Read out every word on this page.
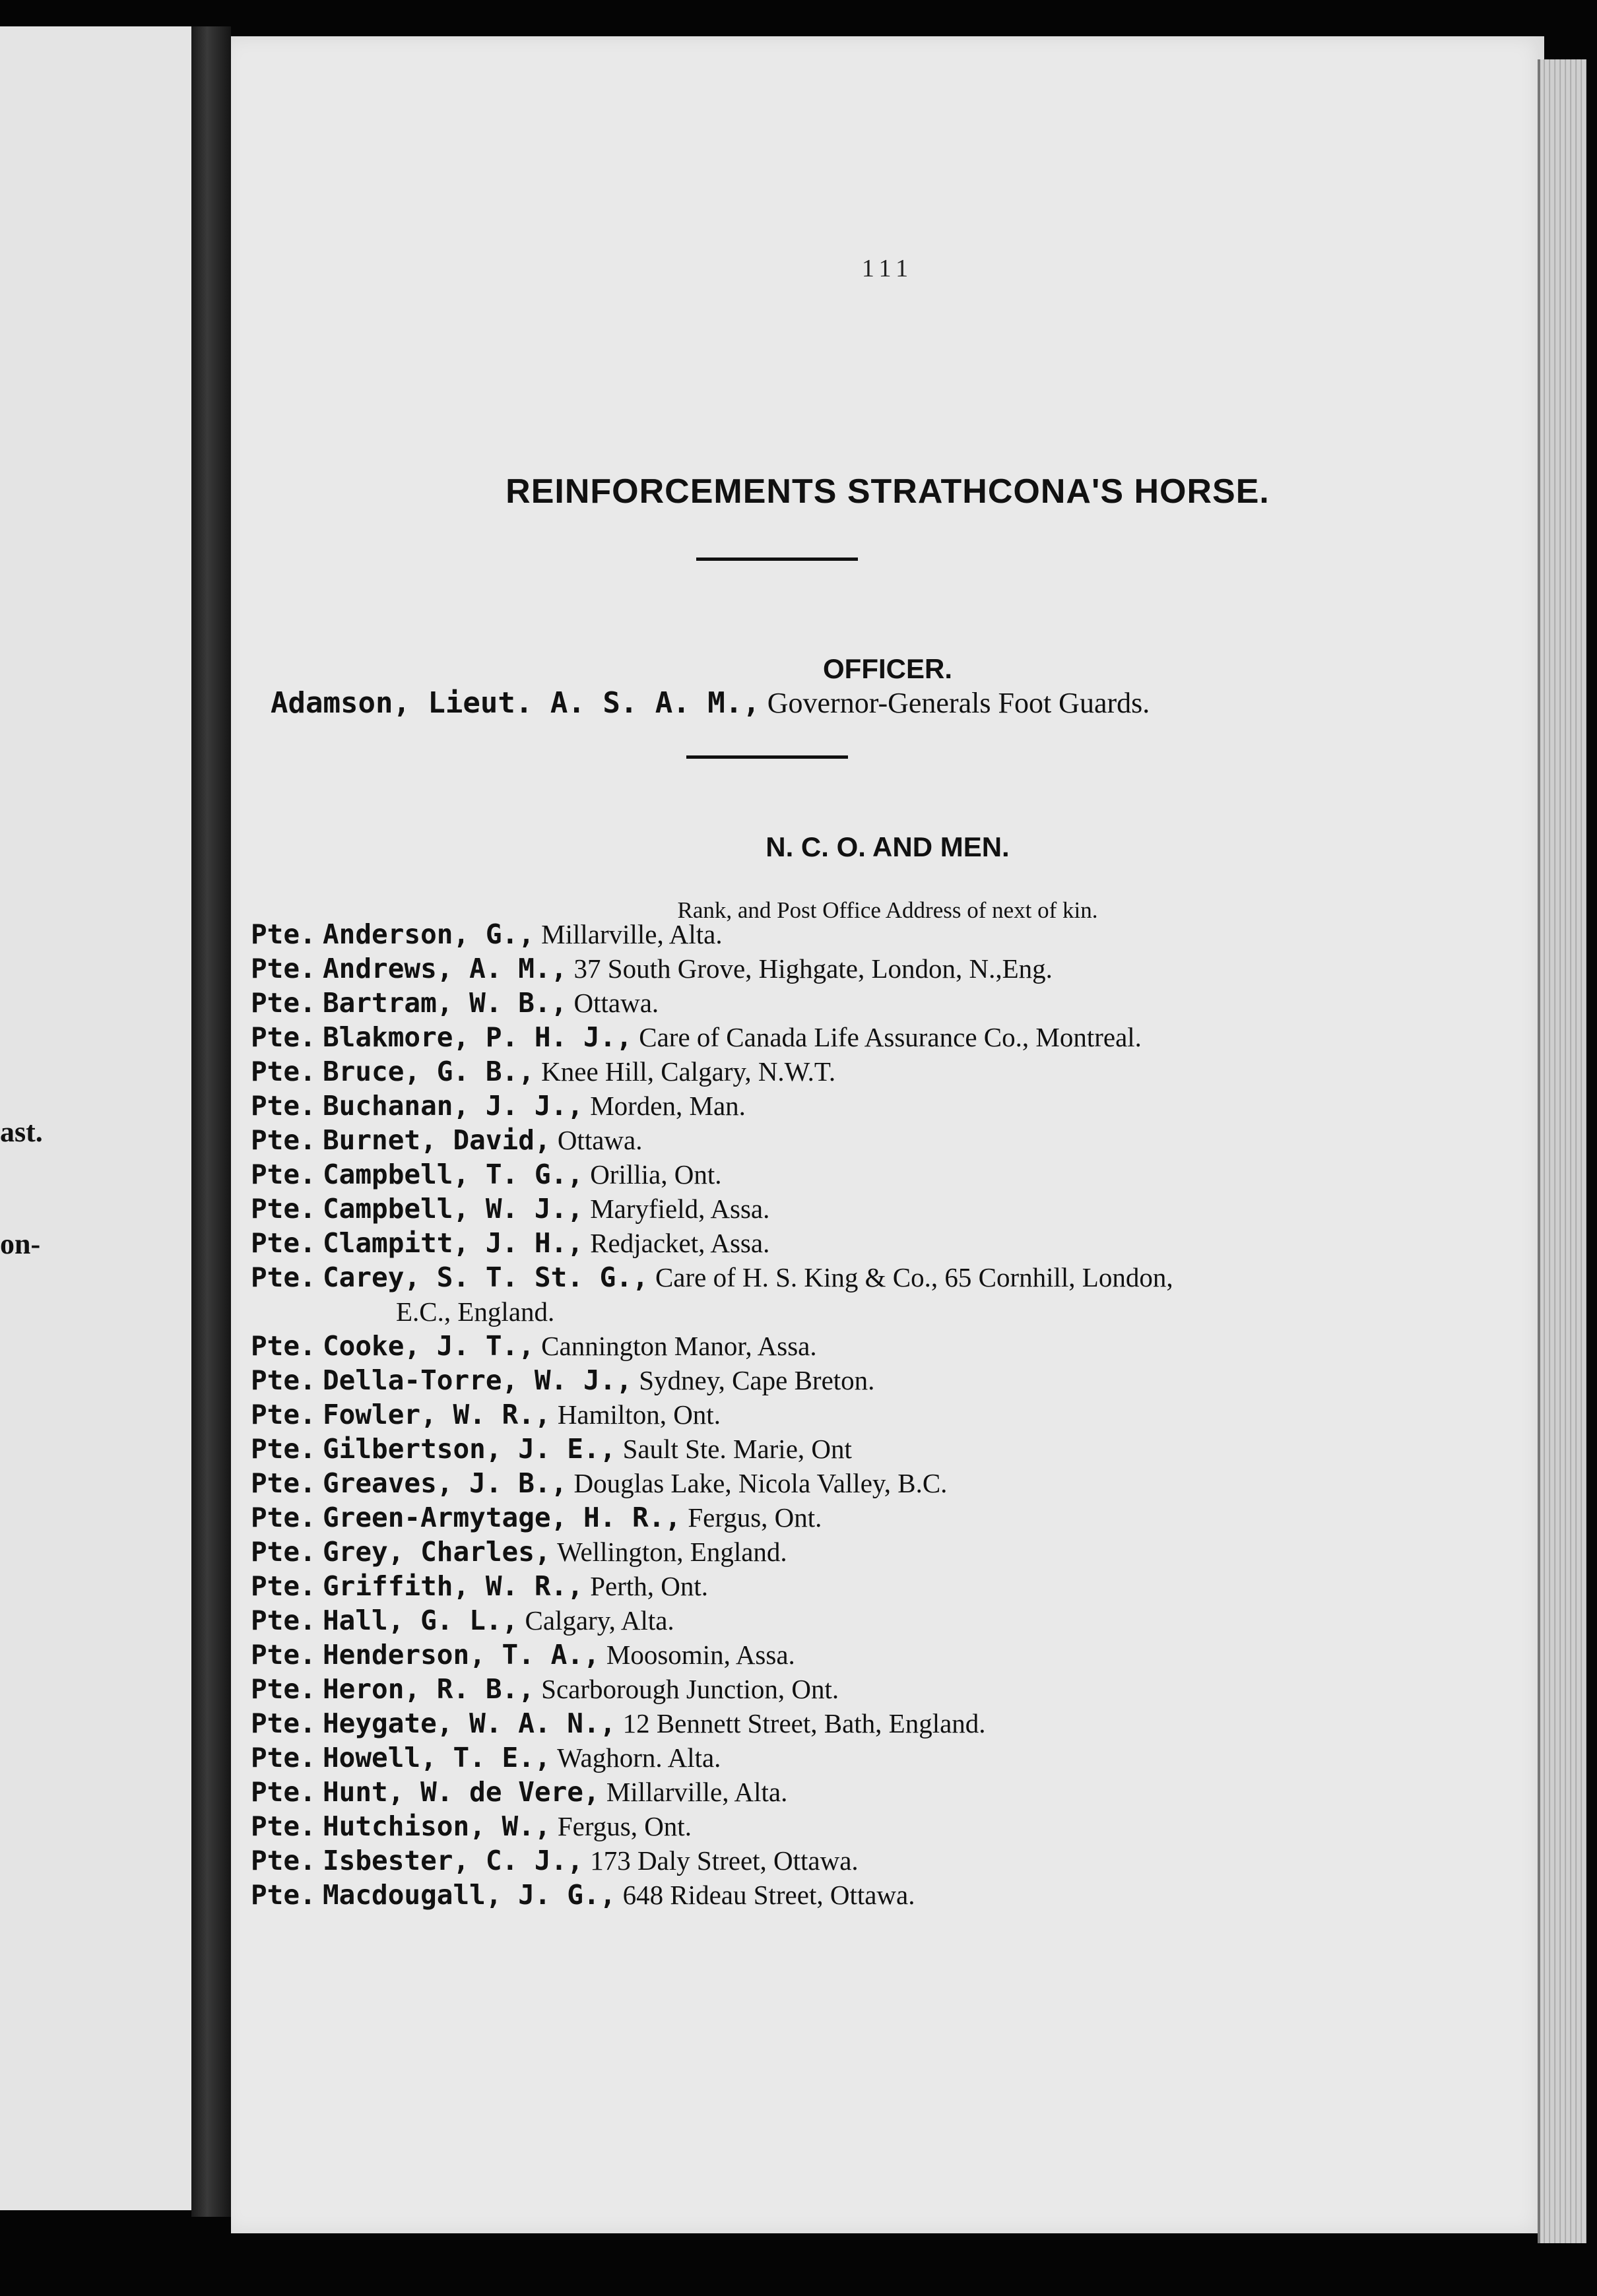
ast.
on-
111
REINFORCEMENTS STRATHCONA'S HORSE.
OFFICER.
Adamson, Lieut. A. S. A. M., Governor-Generals Foot Guards.
N. C. O. AND MEN.
Rank, and Post Office Address of next of kin.
Pte. Anderson, G., Millarville, Alta.
Pte. Andrews, A. M., 37 South Grove, Highgate, London, N.,Eng.
Pte. Bartram, W. B., Ottawa.
Pte. Blakmore, P. H. J., Care of Canada Life Assurance Co., Montreal.
Pte. Bruce, G. B., Knee Hill, Calgary, N.W.T.
Pte. Buchanan, J. J., Morden, Man.
Pte. Burnet, David, Ottawa.
Pte. Campbell, T. G., Orillia, Ont.
Pte. Campbell, W. J., Maryfield, Assa.
Pte. Clampitt, J. H., Redjacket, Assa.
Pte. Carey, S. T. St. G., Care of H. S. King & Co., 65 Cornhill, London,
E.C., England.
Pte. Cooke, J. T., Cannington Manor, Assa.
Pte. Della-Torre, W. J., Sydney, Cape Breton.
Pte. Fowler, W. R., Hamilton, Ont.
Pte. Gilbertson, J. E., Sault Ste. Marie, Ont
Pte. Greaves, J. B., Douglas Lake, Nicola Valley, B.C.
Pte. Green-Armytage, H. R., Fergus, Ont.
Pte. Grey, Charles, Wellington, England.
Pte. Griffith, W. R., Perth, Ont.
Pte. Hall, G. L., Calgary, Alta.
Pte. Henderson, T. A., Moosomin, Assa.
Pte. Heron, R. B., Scarborough Junction, Ont.
Pte. Heygate, W. A. N., 12 Bennett Street, Bath, England.
Pte. Howell, T. E., Waghorn. Alta.
Pte. Hunt, W. de Vere, Millarville, Alta.
Pte. Hutchison, W., Fergus, Ont.
Pte. Isbester, C. J., 173 Daly Street, Ottawa.
Pte. Macdougall, J. G., 648 Rideau Street, Ottawa.
